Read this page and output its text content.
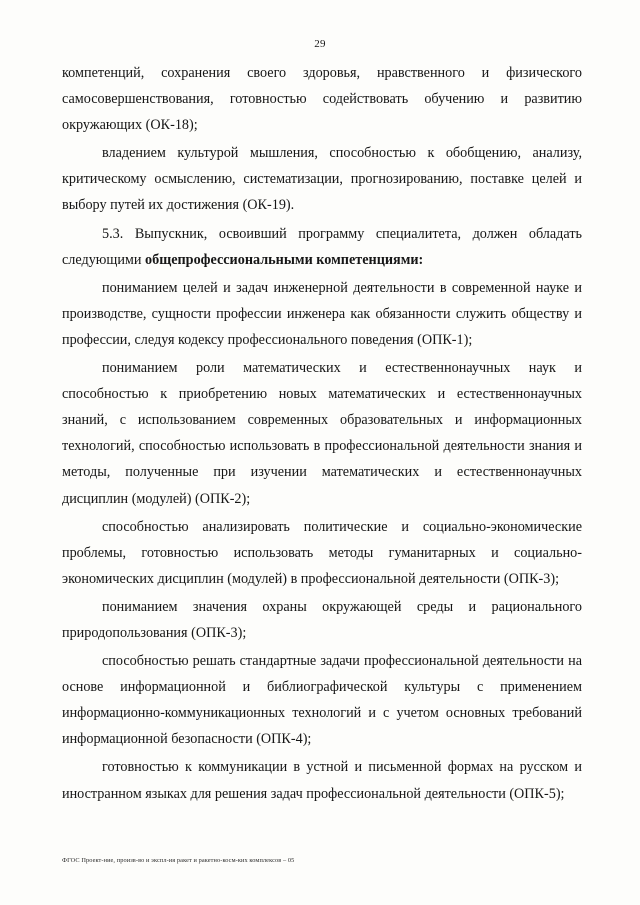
29

компетенций, сохранения своего здоровья, нравственного и физического самосовершенствования, готовностью содействовать обучению и развитию окружающих (ОК-18);

владением культурой мышления, способностью к обобщению, анализу, критическому осмыслению, систематизации, прогнозированию, поставке целей и выбору путей их достижения (ОК-19).

5.3. Выпускник, освоивший программу специалитета, должен обладать следующими общепрофессиональными компетенциями:

пониманием целей и задач инженерной деятельности в современной науке и производстве, сущности профессии инженера как обязанности служить обществу и профессии, следуя кодексу профессионального поведения (ОПК-1);

пониманием роли математических и естественнонаучных наук и способностью к приобретению новых математических и естественнонаучных знаний, с использованием современных образовательных и информационных технологий, способностью использовать в профессиональной деятельности знания и методы, полученные при изучении математических и естественнонаучных дисциплин (модулей) (ОПК-2);

способностью анализировать политические и социально-экономические проблемы, готовностью использовать методы гуманитарных и социально-экономических дисциплин (модулей) в профессиональной деятельности (ОПК-3);

пониманием значения охраны окружающей среды и рационального природопользования (ОПК-3);

способностью решать стандартные задачи профессиональной деятельности на основе информационной и библиографической культуры с применением информационно-коммуникационных технологий и с учетом основных требований информационной безопасности (ОПК-4);

готовностью к коммуникации в устной и письменной формах на русском и иностранном языках для решения задач профессиональной деятельности (ОПК-5);

ФГОС Проект-ние, произв-во и экспл-ия ракет и ракетно-косм-ких комплексов – 05
